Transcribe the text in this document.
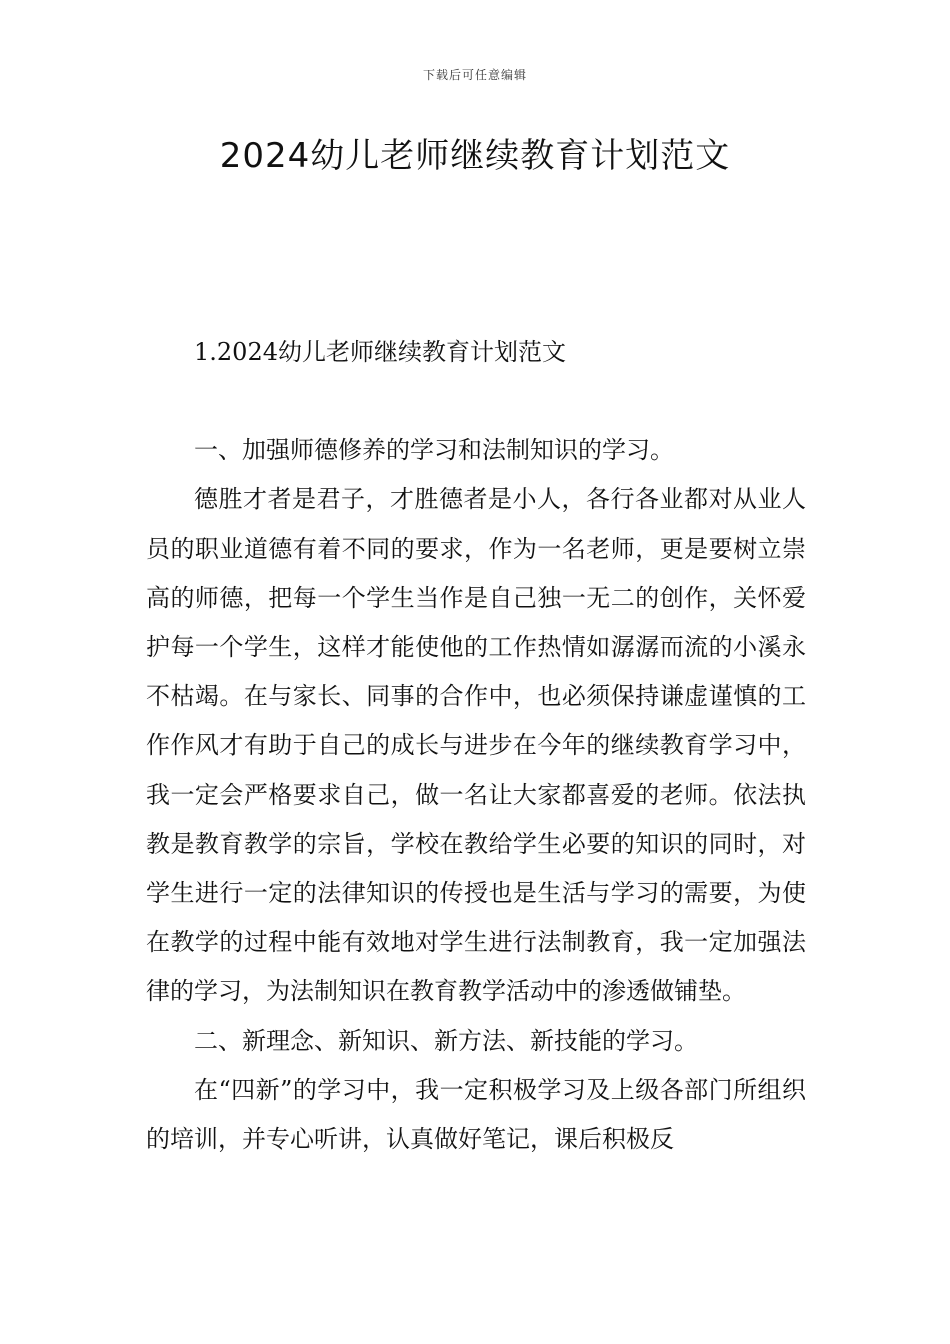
下载后可任意编辑
2024幼儿老师继续教育计划范文

1.2024幼儿老师继续教育计划范文

一、加强师德修养的学习和法制知识的学习。

德胜才者是君子，才胜德者是小人，各行各业都对从业人员的职业道德有着不同的要求，作为一名老师，更是要树立崇高的师德，把每一个学生当作是自己独一无二的创作，关怀爱护每一个学生，这样才能使他的工作热情如潺潺而流的小溪永不枯竭。在与家长、同事的合作中，也必须保持谦虚谨慎的工作作风才有助于自己的成长与进步在今年的继续教育学习中，我一定会严格要求自己，做一名让大家都喜爱的老师。依法执教是教育教学的宗旨，学校在教给学生必要的知识的同时，对学生进行一定的法律知识的传授也是生活与学习的需要，为使在教学的过程中能有效地对学生进行法制教育，我一定加强法律的学习，为法制知识在教育教学活动中的渗透做铺垫。

二、新理念、新知识、新方法、新技能的学习。

在“四新”的学习中，我一定积极学习及上级各部门所组织的培训，并专心听讲，认真做好笔记，课后积极反
